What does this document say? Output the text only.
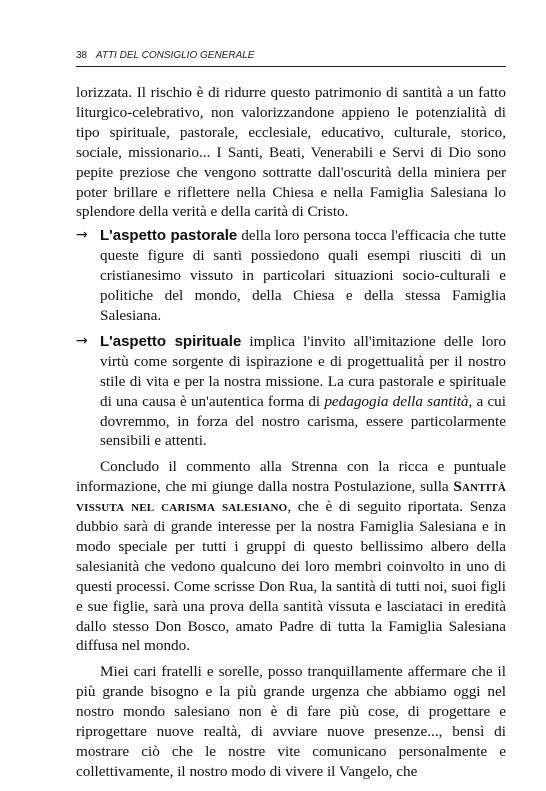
38 ATTI DEL CONSIGLIO GENERALE

lorizzata. Il rischio è di ridurre questo patrimonio di santità a un fatto liturgico-celebrativo, non valorizzandone appieno le potenzialità di tipo spirituale, pastorale, ecclesiale, educativo, culturale, storico, sociale, missionario... I Santi, Beati, Venerabili e Servi di Dio sono pepite preziose che vengono sottratte dall'oscurità della miniera per poter brillare e riflettere nella Chiesa e nella Famiglia Salesiana lo splendore della verità e della carità di Cristo.

→ L'aspetto pastorale della loro persona tocca l'efficacia che tutte queste figure di santi possiedono quali esempi riusciti di un cristianesimo vissuto in particolari situazioni socio-culturali e politiche del mondo, della Chiesa e della stessa Famiglia Salesiana.

→ L'aspetto spirituale implica l'invito all'imitazione delle loro virtù come sorgente di ispirazione e di progettualità per il nostro stile di vita e per la nostra missione. La cura pastorale e spirituale di una causa è un'autentica forma di pedagogia della santità, a cui dovremmo, in forza del nostro carisma, essere particolarmente sensibili e attenti.

Concludo il commento alla Strenna con la ricca e puntuale informazione, che mi giunge dalla nostra Postulazione, sulla Santità vissuta nel carisma salesiano, che è di seguito riportata. Senza dubbio sarà di grande interesse per la nostra Famiglia Salesiana e in modo speciale per tutti i gruppi di questo bellissimo albero della salesianità che vedono qualcuno dei loro membri coinvolto in uno di questi processi. Come scrisse Don Rua, la santità di tutti noi, suoi figli e sue figlie, sarà una prova della santità vissuta e lasciataci in eredità dallo stesso Don Bosco, amato Padre di tutta la Famiglia Salesiana diffusa nel mondo.

Miei cari fratelli e sorelle, posso tranquillamente affermare che il più grande bisogno e la più grande urgenza che abbiamo oggi nel nostro mondo salesiano non è di fare più cose, di progettare e riprogettare nuove realtà, di avviare nuove presenze..., bensì di mostrare ciò che le nostre vite comunicano personalmente e collettivamente, il nostro modo di vivere il Vangelo, che
